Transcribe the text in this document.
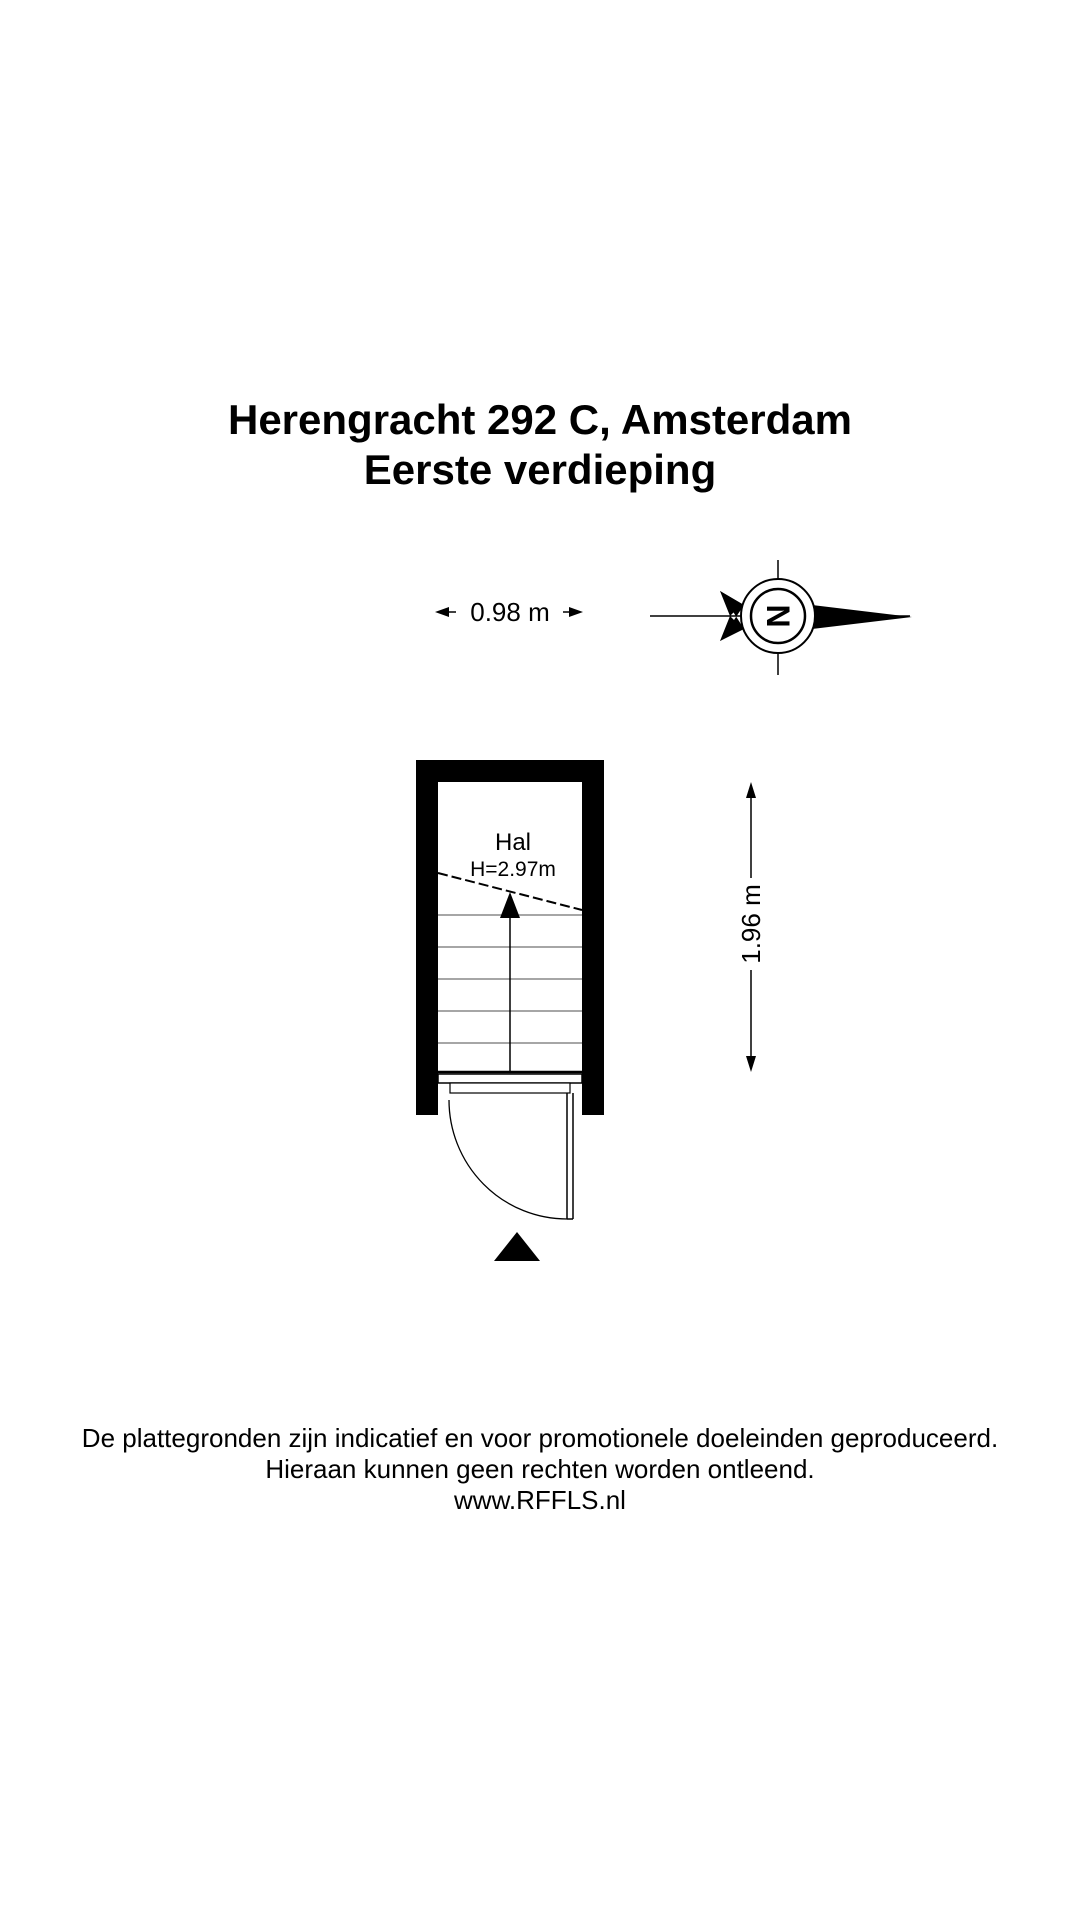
Herengracht 292 C, Amsterdam
Eerste verdieping
0.98 m	N
Hal
H=2.97m
1.96 m
De plattegronden zijn indicatief en voor promotionele doeleinden geproduceerd.
Hieraan kunnen geen rechten worden ontleend.
www.RFFLS.nl
